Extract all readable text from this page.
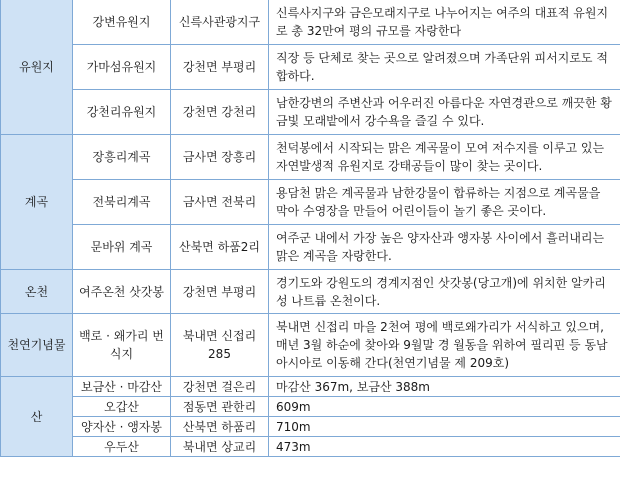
유원지	강변유원지	신륵사관광지구	신륵사지구와 금은모래지구로 나누어지는 여주의 대표적 유원지로 총 32만여 평의 규모를 자랑한다
	가마섬유원지	강천면 부평리	직장 등 단체로 찾는 곳으로 알려졌으며 가족단위 피서지로도 적합하다.
	강천리유원지	강천면 강천리	남한강변의 주변산과 어우러진 아름다운 자연경관으로 깨끗한 황금빛 모래밭에서 강수욕을 즐길 수 있다.
계곡	장흥리계곡	금사면 장흥리	천덕봉에서 시작되는 맑은 계곡물이 모여 저수지를 이루고 있는 자연발생적 유원지로 강태공들이 많이 찾는 곳이다.
	전북리계곡	금사면 전북리	용담천 맑은 계곡물과 남한강물이 합류하는 지점으로 계곡물을 막아 수영장을 만들어 어린이들이 놀기 좋은 곳이다.
	문바위 계곡	산북면 하품2리	여주군 내에서 가장 높은 양자산과 앵자봉 사이에서 흘러내리는 맑은 계곡을 자랑한다.
온천	여주온천 삿갓봉	강천면 부평리	경기도와 강원도의 경계지점인 삿갓봉(당고개)에 위치한 알카리성 나트륨 온천이다.
천연기념물	백로 · 왜가리 번식지	북내면 신접리 285	북내면 신접리 마을 2천여 평에 백로왜가리가 서식하고 있으며, 매년 3월 하순에 찾아와 9월말 경 월동을 위하여 필리핀 등 동남아시아로 이동해 간다(천연기념물 제 209호)
산	보금산 · 마감산	강천면 걸은리	마감산 367m, 보금산 388m
	오갑산	점동면 관한리	609m
	양자산 · 앵자봉	산북면 하품리	710m
	우두산	북내면 상교리	473m
